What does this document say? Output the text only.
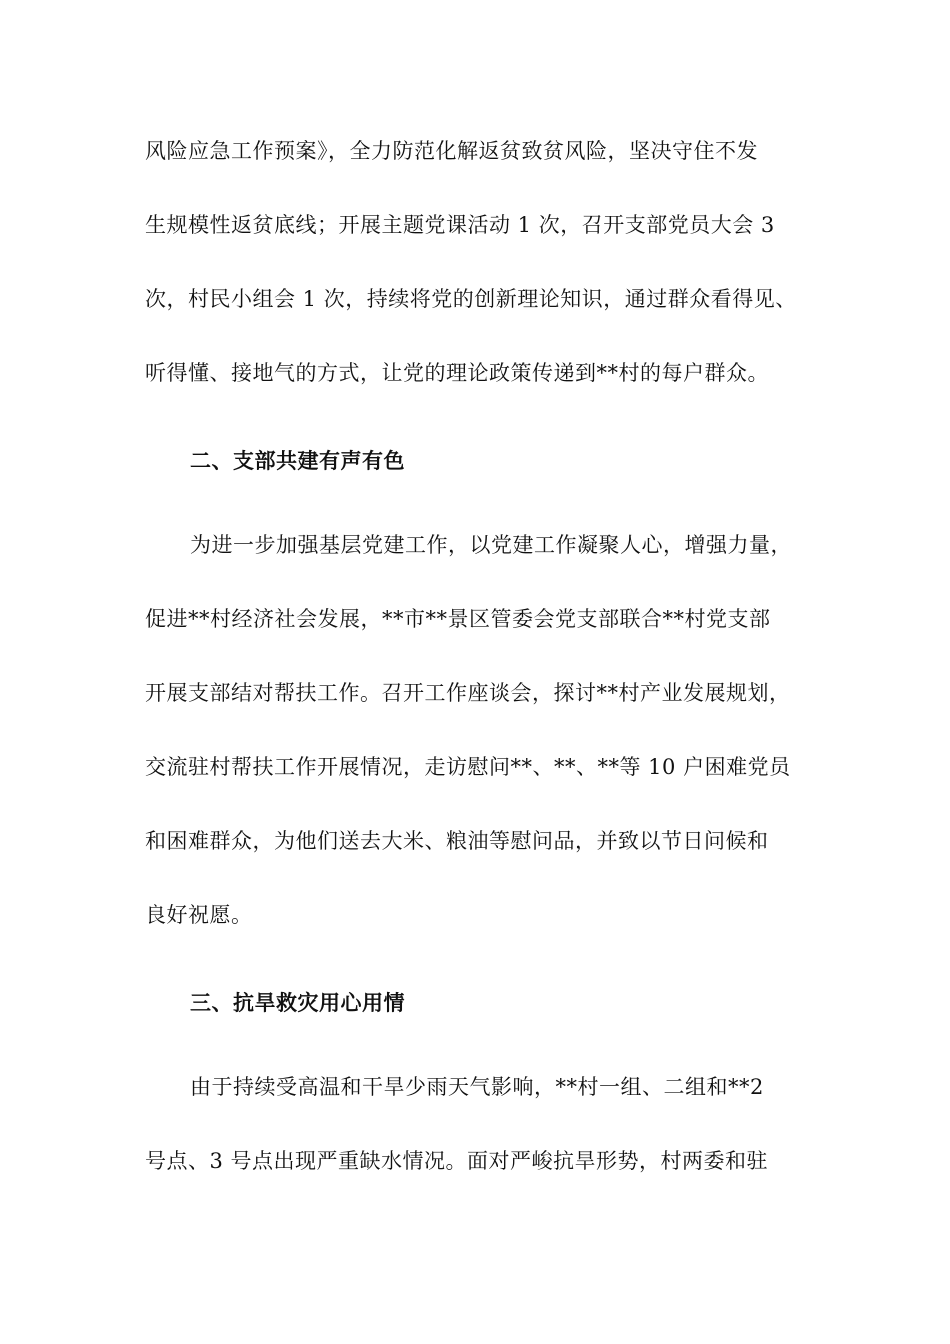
风险应急工作预案》，全力防范化解返贫致贫风险，坚决守住不发
生规模性返贫底线；开展主题党课活动 1 次，召开支部党员大会 3
次，村民小组会 1 次，持续将党的创新理论知识，通过群众看得见、
听得懂、接地气的方式，让党的理论政策传递到**村的每户群众。
二、支部共建有声有色
为进一步加强基层党建工作，以党建工作凝聚人心，增强力量，
促进**村经济社会发展，**市**景区管委会党支部联合**村党支部
开展支部结对帮扶工作。召开工作座谈会，探讨**村产业发展规划，
交流驻村帮扶工作开展情况，走访慰问**、**、**等 10 户困难党员
和困难群众，为他们送去大米、粮油等慰问品，并致以节日问候和
良好祝愿。
三、抗旱救灾用心用情
由于持续受高温和干旱少雨天气影响，**村一组、二组和**2
号点、3 号点出现严重缺水情况。面对严峻抗旱形势，村两委和驻
